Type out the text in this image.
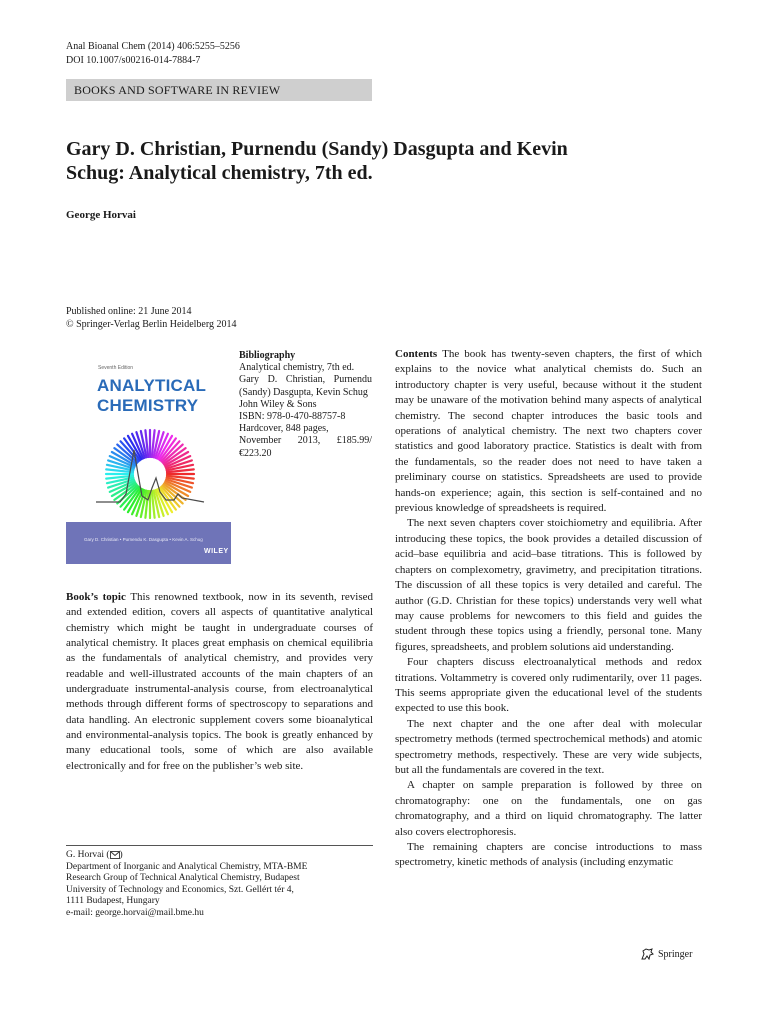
Anal Bioanal Chem (2014) 406:5255–5256
DOI 10.1007/s00216-014-7884-7
BOOKS AND SOFTWARE IN REVIEW
Gary D. Christian, Purnendu (Sandy) Dasgupta and Kevin
Schug: Analytical chemistry, 7th ed.
George Horvai
Published online: 21 June 2014
© Springer-Verlag Berlin Heidelberg 2014
Seventh Edition
ANALYTICAL
CHEMISTRY
Gary D. Christian • Purnendu K. Dasgupta • Kevin A. Schug
WILEY
Bibliography
Analytical chemistry, 7th ed.
Gary D. Christian, Purnendu
(Sandy) Dasgupta, Kevin Schug
John Wiley & Sons
ISBN: 978-0-470-88757-8
Hardcover, 848 pages,
November 2013, £185.99/
€223.20
Book’s topic This renowned textbook, now in its seventh, revised and extended edition, covers all aspects of quantitative analytical chemistry which might be taught in undergraduate courses of analytical chemistry. It places great emphasis on chemical equilibria as the fundamentals of analytical chemistry, and provides very readable and well-illustrated accounts of the main chapters of an undergraduate instrumental-analysis course, from electroanalytical methods through different forms of spectroscopy to separations and data handling. An electronic supplement covers some bioanalytical and environmental-analysis topics. The book is greatly enhanced by many educational tools, some of which are also available electronically and for free on the publisher’s web site.
G. Horvai ( )
Department of Inorganic and Analytical Chemistry, MTA-BME
Research Group of Technical Analytical Chemistry, Budapest
University of Technology and Economics, Szt. Gellért tér 4,
1111 Budapest, Hungary
e-mail: george.horvai@mail.bme.hu

Contents The book has twenty-seven chapters, the first of which explains to the novice what analytical chemists do. Such an introductory chapter is very useful, because without it the student may be unaware of the motivation behind many aspects of analytical chemistry. The second chapter introduces the basic tools and operations of analytical chemistry. The next two chapters cover statistics and good laboratory practice. Statistics is dealt with from the fundamentals, so the reader does not need to have taken a preliminary course on statistics. Spreadsheets are used to provide hands-on experience; again, this section is self-contained and no previous knowledge of spreadsheets is required.

The next seven chapters cover stoichiometry and equilibria. After introducing these topics, the book provides a detailed discussion of acid–base equilibria and acid–base titrations. This is followed by chapters on complexometry, gravimetry, and precipitation titrations. The discussion of all these topics is very detailed and careful. The author (G.D. Christian for these topics) understands very well what may cause problems for newcomers to this field and guides the student through these topics using a friendly, personal tone. Many figures, spreadsheets, and problem solutions aid understanding.

Four chapters discuss electroanalytical methods and redox titrations. Voltammetry is covered only rudimentarily, over 11 pages. This seems appropriate given the educational level of the students expected to use this book.

The next chapter and the one after deal with molecular spectrometry methods (termed spectrochemical methods) and atomic spectrometry methods, respectively. These are very wide subjects, but all the fundamentals are covered in the text.

A chapter on sample preparation is followed by three on chromatography: one on the fundamentals, one on gas chromatography, and a third on liquid chromatography. The latter also covers electrophoresis.

The remaining chapters are concise introductions to mass spectrometry, kinetic methods of analysis (including enzymatic

Springer
